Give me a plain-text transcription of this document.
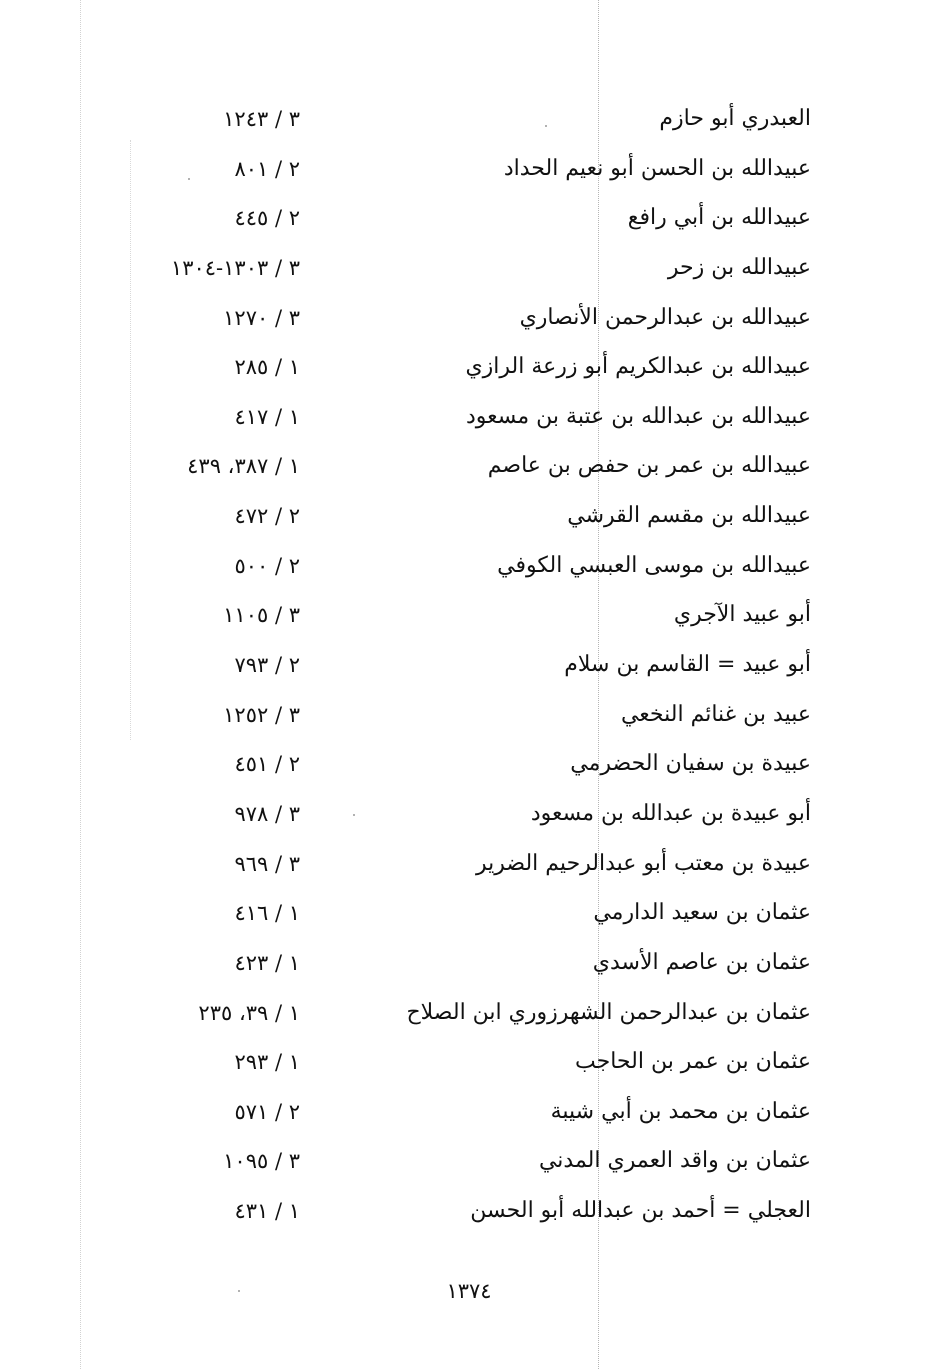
العبدري أبو حازم
٣ / ١٢٤٣
عبيدالله بن الحسن أبو نعيم الحداد
٢ / ٨٠١
عبيدالله بن أبي رافع
٢ / ٤٤٥
عبيدالله بن زحر
٣ / ١٣٠٣-١٣٠٤
عبيدالله بن عبدالرحمن الأنصاري
٣ / ١٢٧٠
عبيدالله بن عبدالكريم أبو زرعة الرازي
١ / ٢٨٥
عبيدالله بن عبدالله بن عتبة بن مسعود
١ / ٤١٧
عبيدالله بن عمر بن حفص بن عاصم
١ / ٣٨٧، ٤٣٩
عبيدالله بن مقسم القرشي
٢ / ٤٧٢
عبيدالله بن موسى العبسي الكوفي
٢ / ٥٠٠
أبو عبيد الآجري
٣ / ١١٠٥
أبو عبيد = القاسم بن سلام
٢ / ٧٩٣
عبيد بن غنائم النخعي
٣ / ١٢٥٢
عبيدة بن سفيان الحضرمي
٢ / ٤٥١
أبو عبيدة بن عبدالله بن مسعود
٣ / ٩٧٨
عبيدة بن معتب أبو عبدالرحيم الضرير
٣ / ٩٦٩
عثمان بن سعيد الدارمي
١ / ٤١٦
عثمان بن عاصم الأسدي
١ / ٤٢٣
عثمان بن عبدالرحمن الشهرزوري ابن الصلاح
١ / ٣٩، ٢٣٥
عثمان بن عمر بن الحاجب
١ / ٢٩٣
عثمان بن محمد بن أبي شيبة
٢ / ٥٧١
عثمان بن واقد العمري المدني
٣ / ١٠٩٥
العجلي = أحمد بن عبدالله أبو الحسن
١ / ٤٣١
١٣٧٤
